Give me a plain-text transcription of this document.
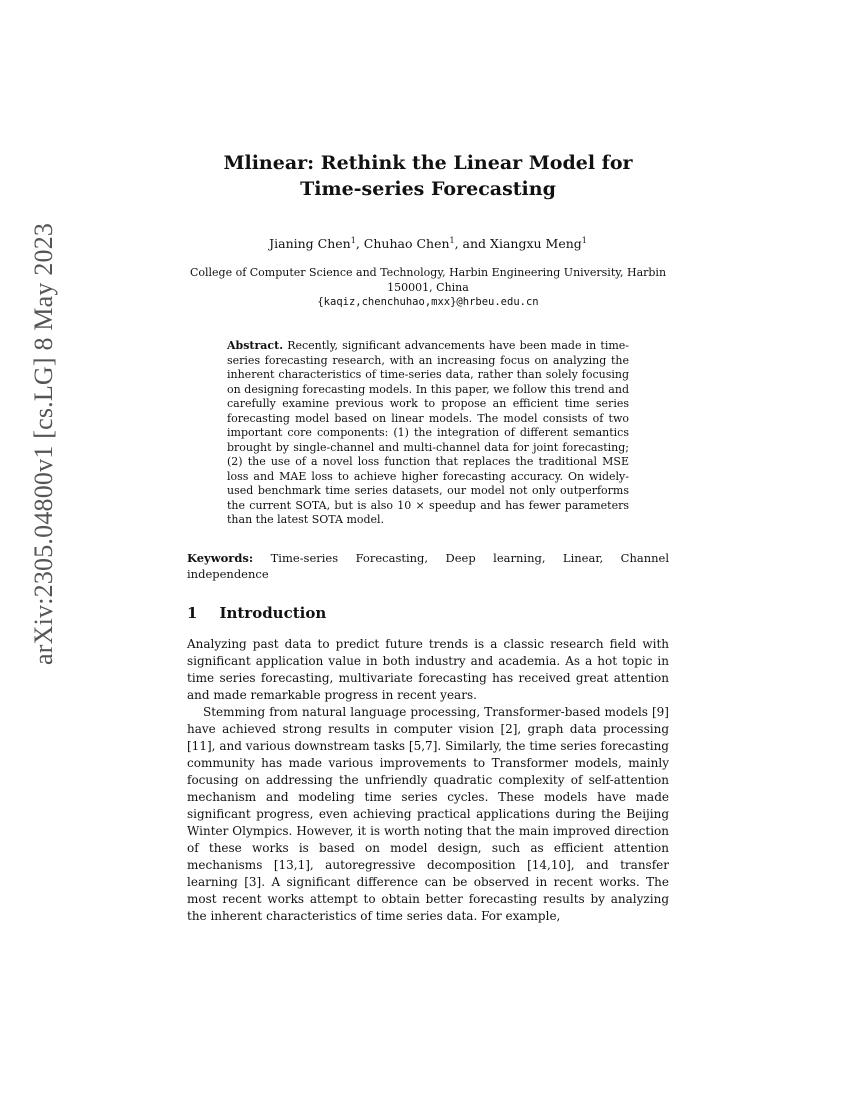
arXiv:2305.04800v1 [cs.LG] 8 May 2023
Mlinear: Rethink the Linear Model for
Time-series Forecasting
Jianing Chen$^1$, Chuhao Chen$^1$, and Xiangxu Meng$^1$
College of Computer Science and Technology, Harbin Engineering University, Harbin
150001, China
{kaqiz,chenchuhao,mxx}@hrbeu.edu.cn
Abstract. Recently, significant advancements have been made in time-series forecasting research, with an increasing focus on analyzing the inherent characteristics of time-series data, rather than solely focusing on designing forecasting models. In this paper, we follow this trend and carefully examine previous work to propose an efficient time series forecasting model based on linear models. The model consists of two important core components: (1) the integration of different semantics brought by single-channel and multi-channel data for joint forecasting; (2) the use of a novel loss function that replaces the traditional MSE loss and MAE loss to achieve higher forecasting accuracy. On widely-used benchmark time series datasets, our model not only outperforms the current SOTA, but is also 10 × speedup and has fewer parameters than the latest SOTA model.
Keywords: Time-series Forecasting, Deep learning, Linear, Channel independence
1 Introduction

Analyzing past data to predict future trends is a classic research field with significant application value in both industry and academia. As a hot topic in time series forecasting, multivariate forecasting has received great attention and made remarkable progress in recent years.

Stemming from natural language processing, Transformer-based models [9] have achieved strong results in computer vision [2], graph data processing [11], and various downstream tasks [5,7]. Similarly, the time series forecasting community has made various improvements to Transformer models, mainly focusing on addressing the unfriendly quadratic complexity of self-attention mechanism and modeling time series cycles. These models have made significant progress, even achieving practical applications during the Beijing Winter Olympics. However, it is worth noting that the main improved direction of these works is based on model design, such as efficient attention mechanisms [13,1], autoregressive decomposition [14,10], and transfer learning [3]. A significant difference can be observed in recent works. The most recent works attempt to obtain better forecasting results by analyzing the inherent characteristics of time series data. For example,
